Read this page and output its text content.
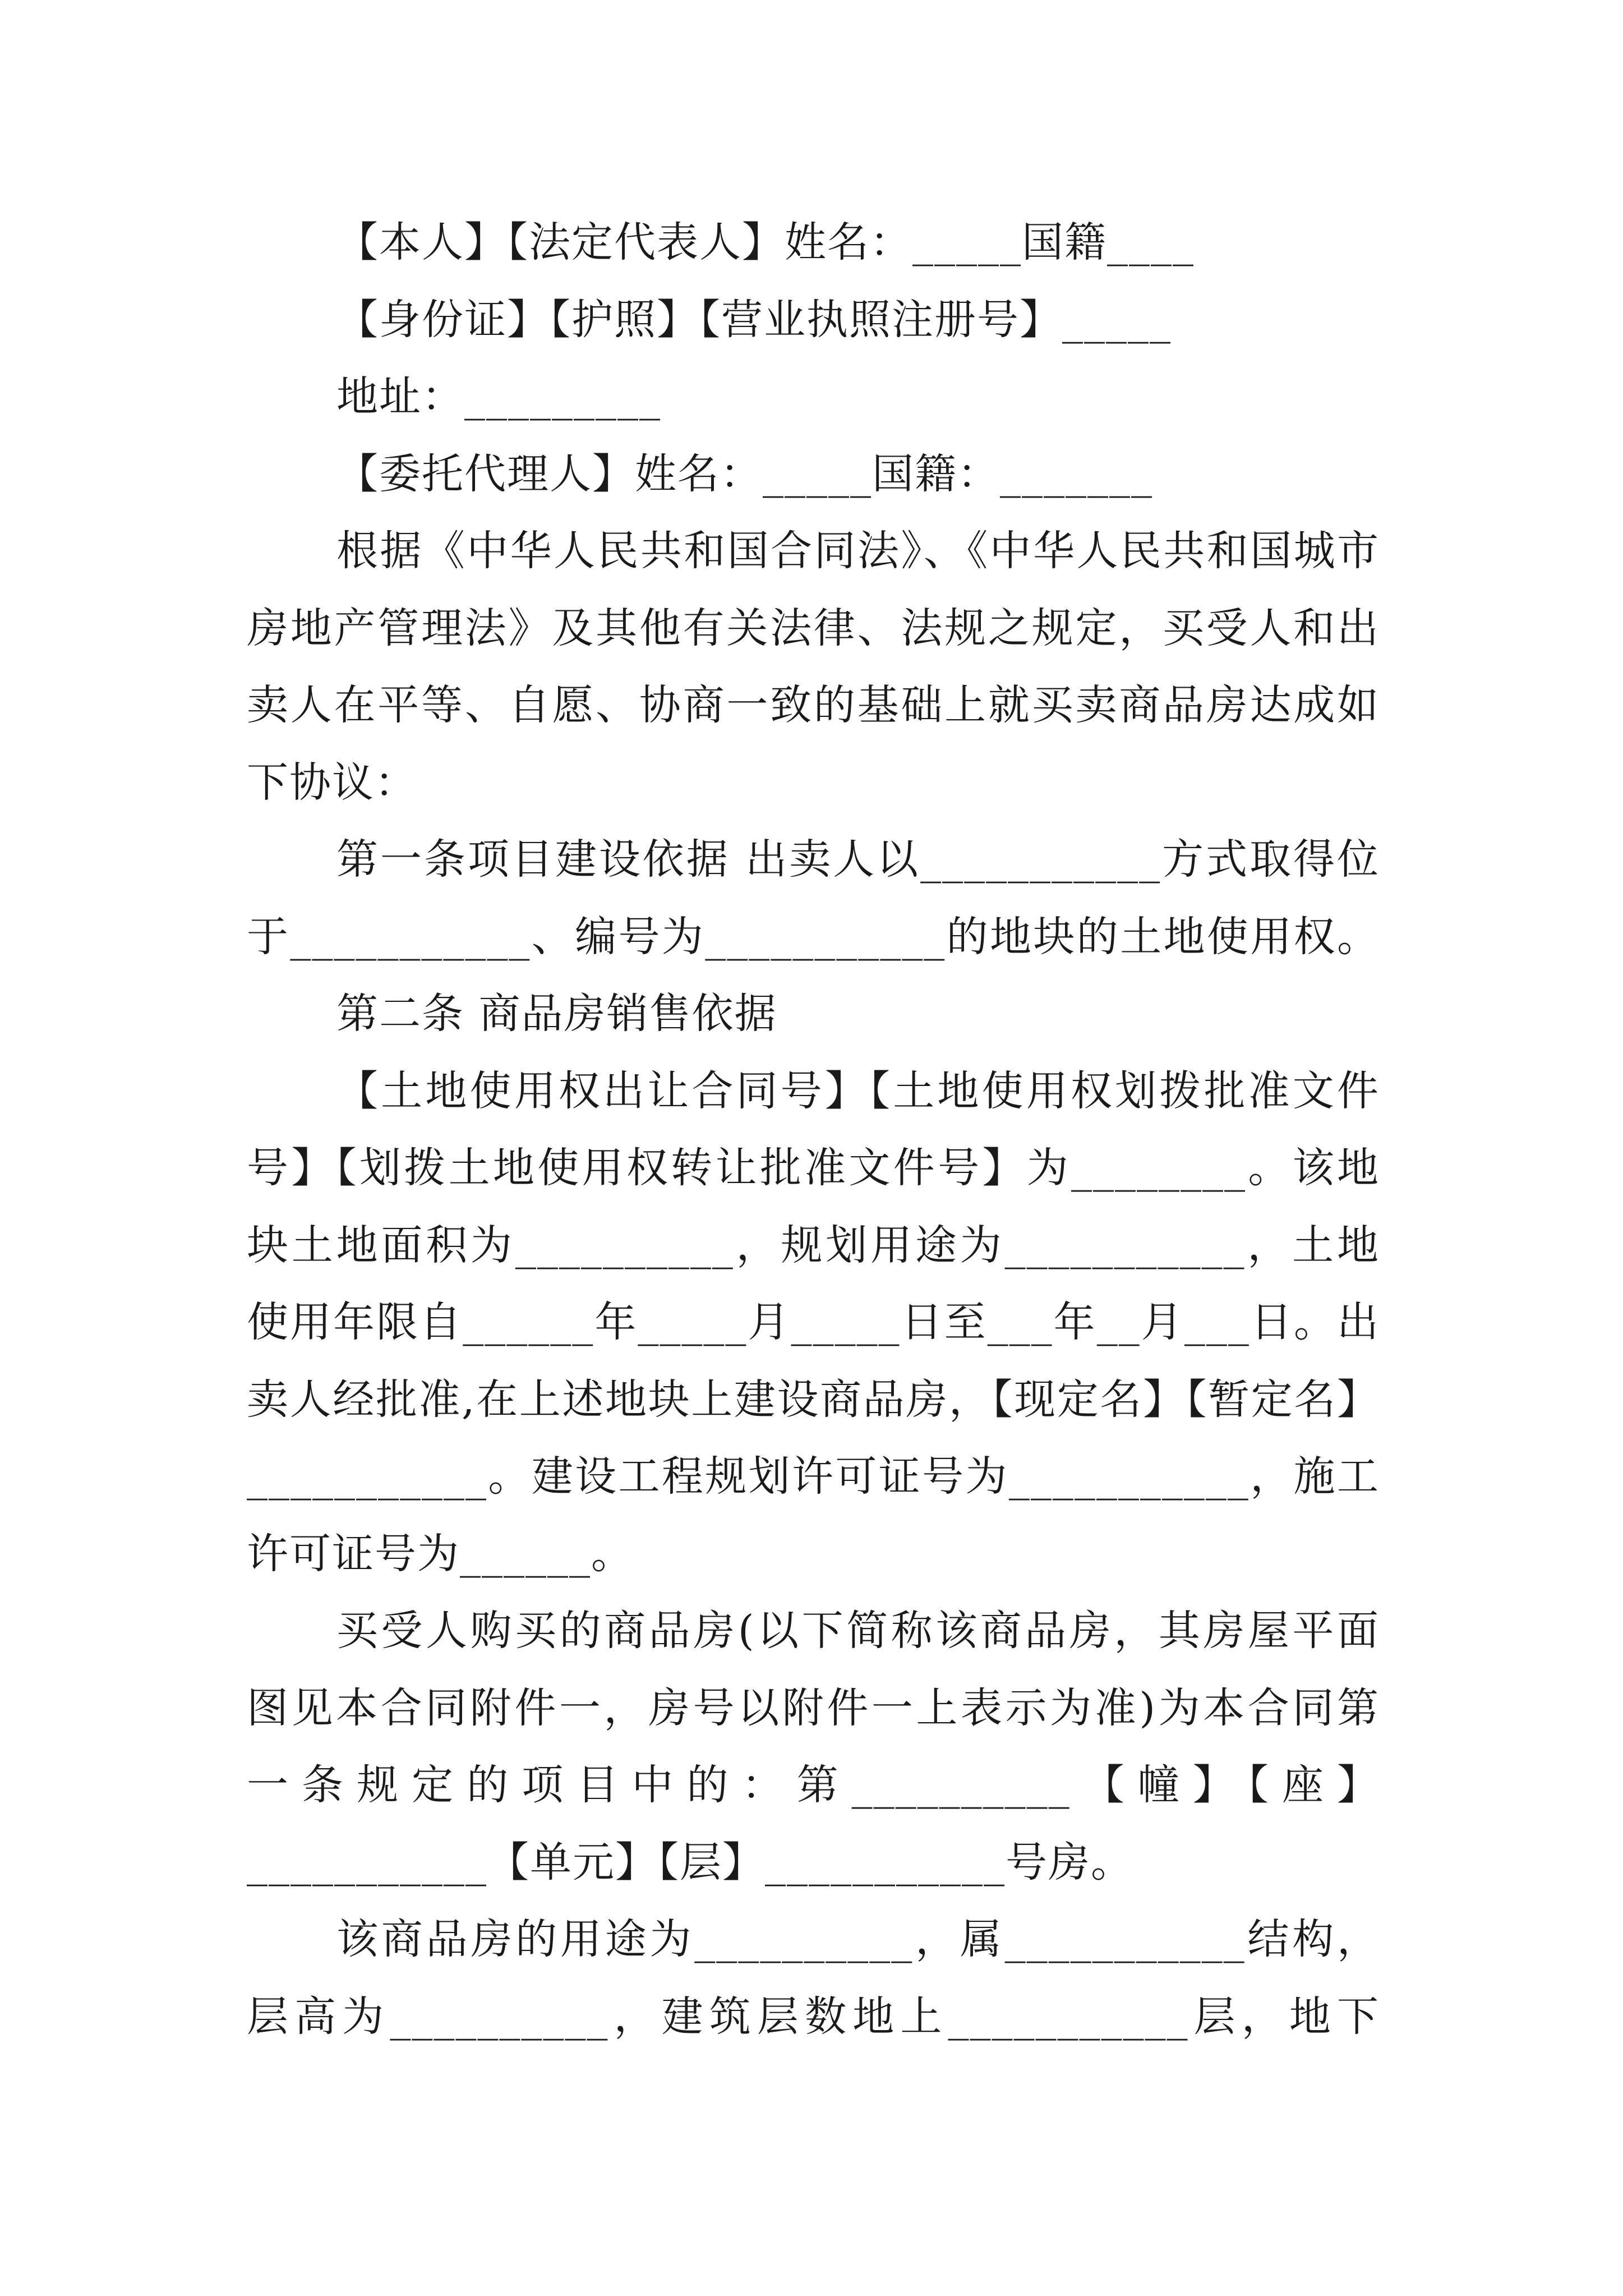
【本人】【法定代表人】姓名：_____国籍____
【身份证】【护照】【营业执照注册号】_____
地址：_________
【委托代理人】姓名：_____国籍：_______
根据《中华人民共和国合同法》、《中华人民共和国城市
房地产管理法》及其他有关法律、法规之规定，买受人和出
卖人在平等、自愿、协商一致的基础上就买卖商品房达成如
下协议：
第一条项目建设依据 出卖人以___________方式取得位
于___________、编号为___________的地块的土地使用权。
第二条 商品房销售依据
【土地使用权出让合同号】【土地使用权划拨批准文件
号】【划拨土地使用权转让批准文件号】为________。该地
块土地面积为__________，规划用途为___________，土地
使用年限自______年_____月_____日至___年__月___日。出
卖人经批准,在上述地块上建设商品房，【现定名】【暂定名】
___________。建设工程规划许可证号为___________，施工
许可证号为______。
买受人购买的商品房(以下简称该商品房，其房屋平面
图见本合同附件一，房号以附件一上表示为准)为本合同第
一条规定的项目中的：第__________【幢】【座】
___________【单元】【层】___________号房。
该商品房的用途为__________，属___________结构，
层高为__________，建筑层数地上___________层，地下
